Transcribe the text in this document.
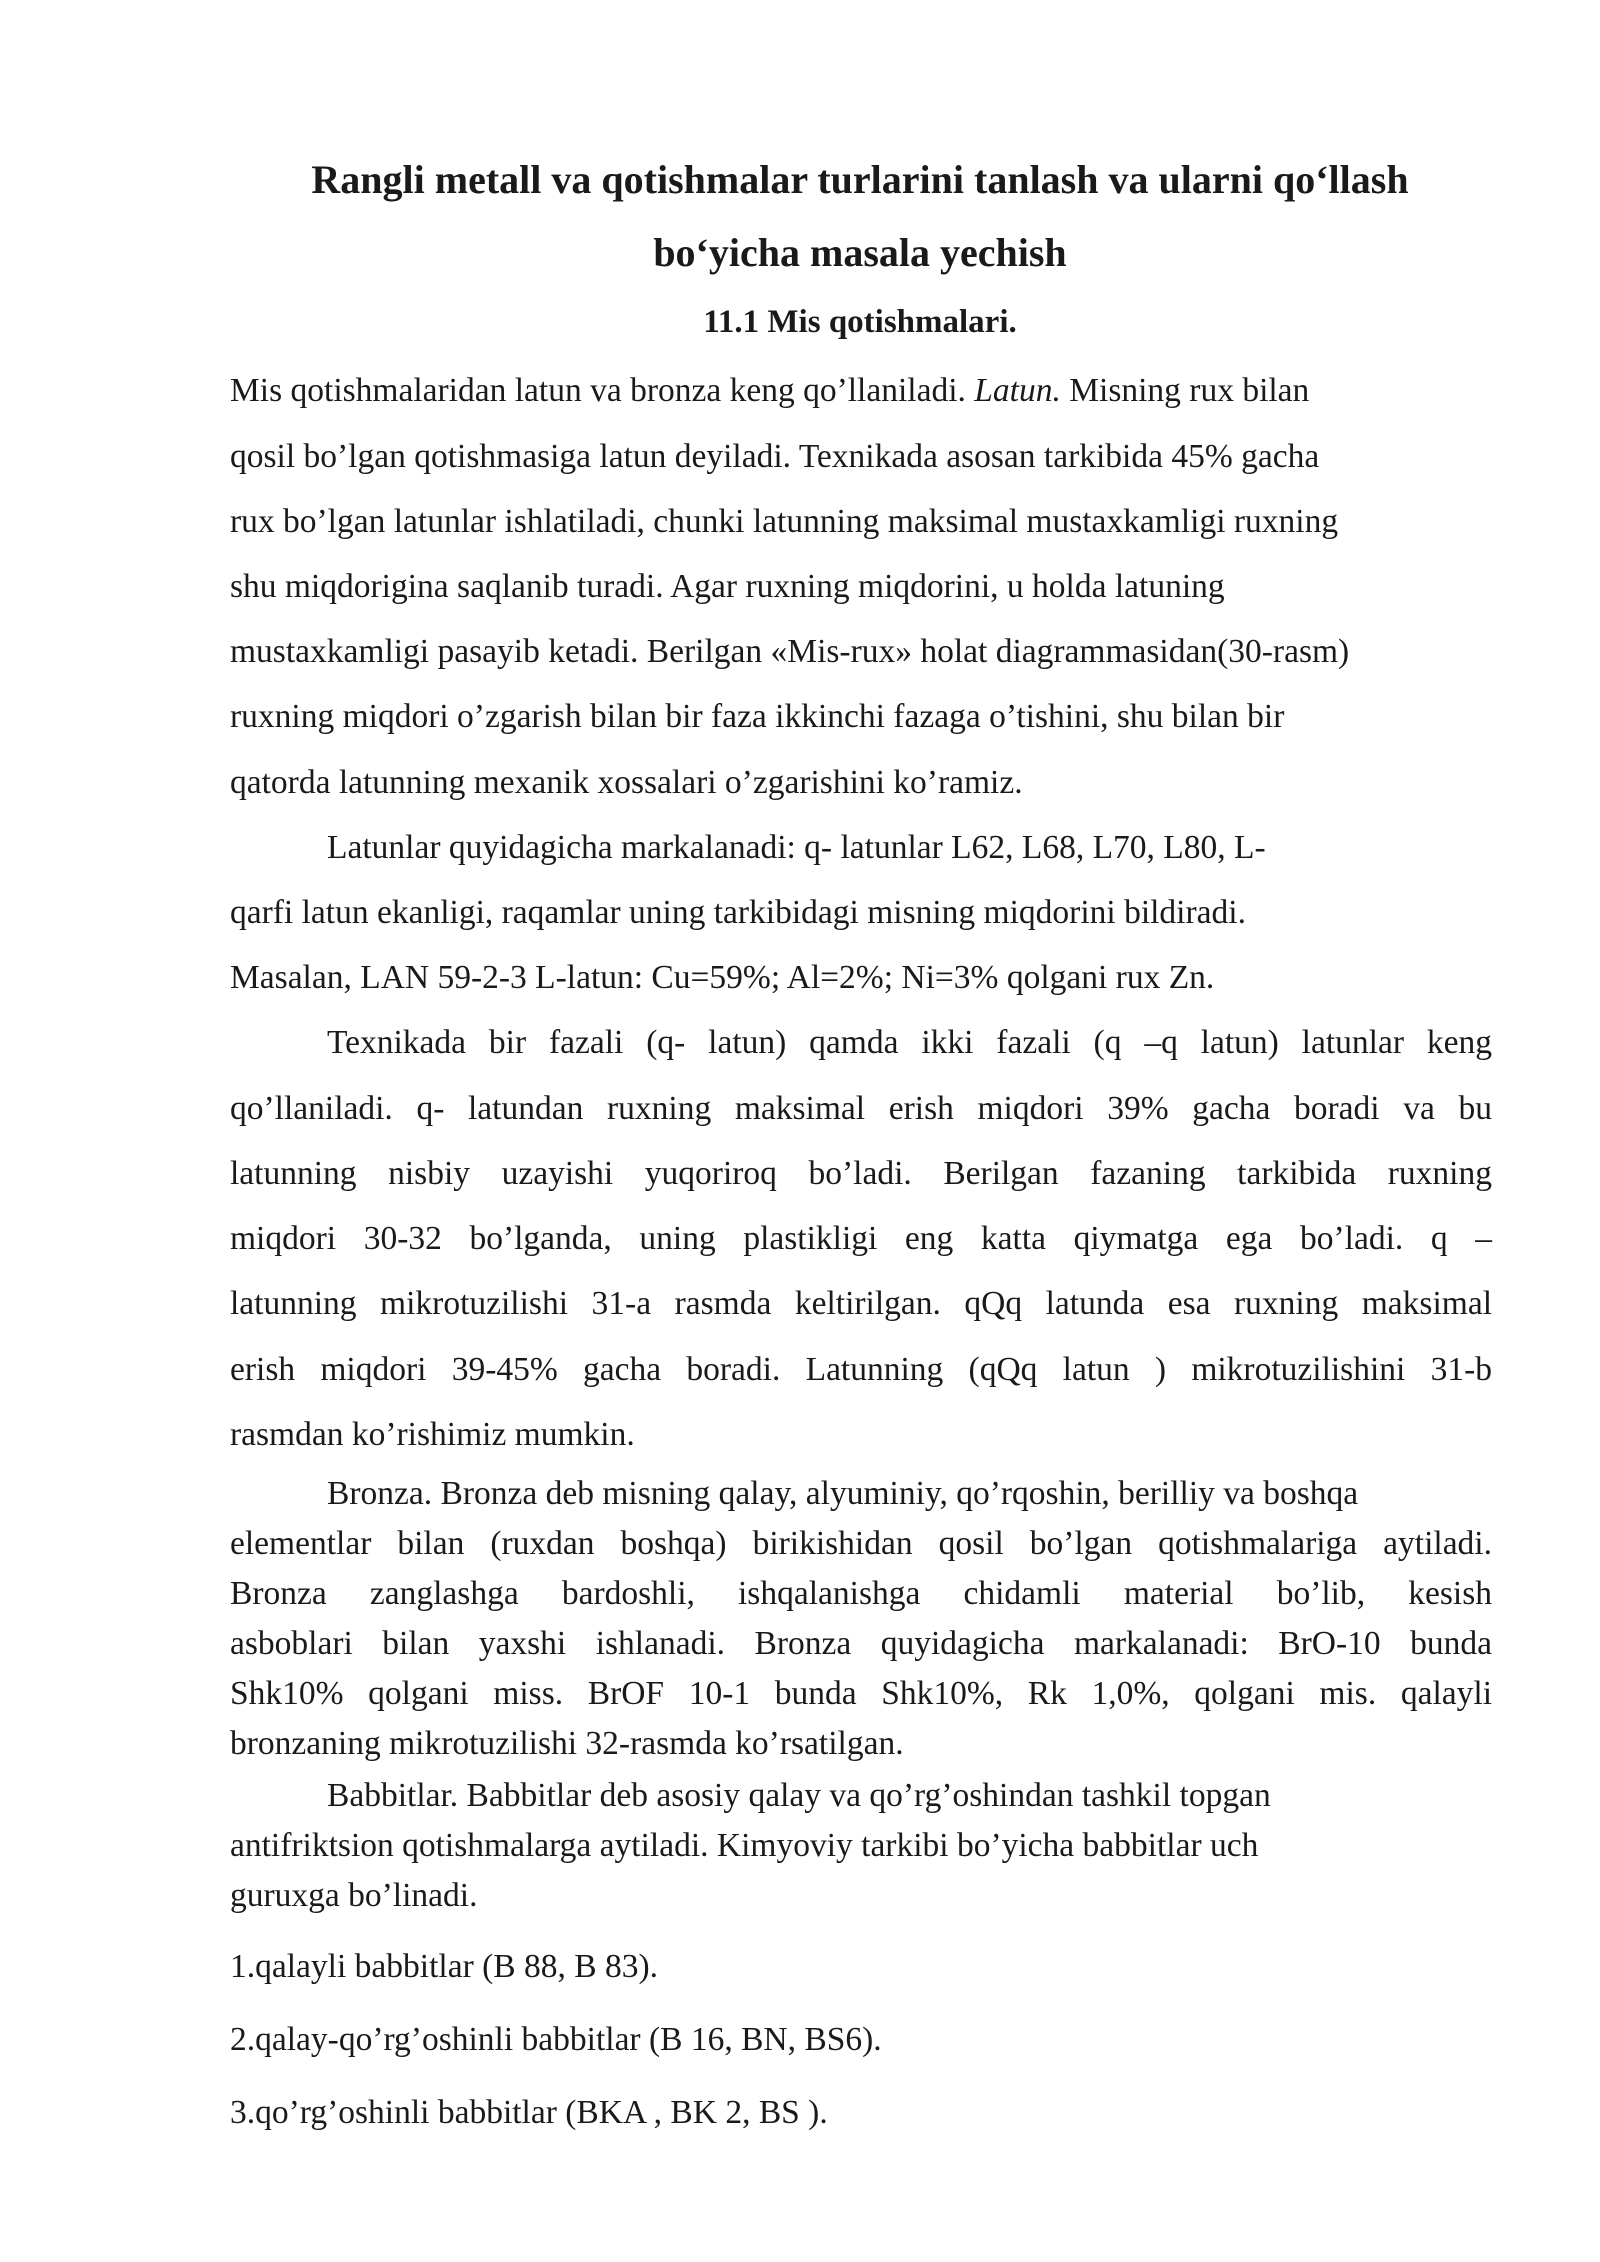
Rangli metall va qotishmalar turlarini tanlash va ularni qo‘llash
bo‘yicha masala yechish
11.1 Mis qotishmalari.
Mis qotishmalaridan latun va bronza keng qo’llaniladi. Latun. Misning rux bilan
qosil bo’lgan qotishmasiga latun deyiladi. Texnikada asosan tarkibida 45% gacha
rux bo’lgan latunlar ishlatiladi, chunki latunning maksimal mustaxkamligi ruxning
shu miqdorigina saqlanib turadi. Agar ruxning miqdorini, u holda latuning
mustaxkamligi pasayib ketadi. Berilgan «Mis-rux» holat diagrammasidan(30-rasm)
ruxning miqdori o’zgarish bilan bir faza ikkinchi fazaga o’tishini, shu bilan bir
qatorda latunning mexanik xossalari o’zgarishini ko’ramiz.
Latunlar quyidagicha markalanadi: q- latunlar L62, L68, L70, L80, L-
qarfi latun ekanligi, raqamlar uning tarkibidagi misning miqdorini bildiradi.
Masalan, LAN 59-2-3 L-latun: Cu=59%; Al=2%; Ni=3% qolgani rux Zn.
Texnikada bir fazali (q- latun) qamda ikki fazali (q –q latun) latunlar keng
qo’llaniladi. q- latundan ruxning maksimal erish miqdori 39% gacha boradi va bu
latunning nisbiy uzayishi yuqoriroq bo’ladi. Berilgan fazaning tarkibida ruxning
miqdori 30-32 bo’lganda, uning plastikligi eng katta qiymatga ega bo’ladi. q –
latunning mikrotuzilishi 31-a rasmda keltirilgan. qQq latunda esa ruxning maksimal
erish miqdori 39-45% gacha boradi. Latunning (qQq latun ) mikrotuzilishini 31-b
rasmdan ko’rishimiz mumkin.
Bronza. Bronza deb misning qalay, alyuminiy, qo’rqoshin, berilliy va boshqa
elementlar bilan (ruxdan boshqa) birikishidan qosil bo’lgan qotishmalariga aytiladi.
Bronza zanglashga bardoshli, ishqalanishga chidamli material bo’lib, kesish
asboblari bilan yaxshi ishlanadi. Bronza quyidagicha markalanadi: BrO-10 bunda
Shk10% qolgani miss. BrOF 10-1 bunda Shk10%, Rk 1,0%, qolgani mis. qalayli
bronzaning mikrotuzilishi 32-rasmda ko’rsatilgan.
Babbitlar. Babbitlar deb asosiy qalay va qo’rg’oshindan tashkil topgan
antifriktsion qotishmalarga aytiladi. Kimyoviy tarkibi bo’yicha babbitlar uch
guruxga bo’linadi.
1.qalayli babbitlar (B 88, B 83).
2.qalay-qo’rg’oshinli babbitlar (B 16, BN, BS6).
3.qo’rg’oshinli babbitlar (BKA , BK 2, BS ).
